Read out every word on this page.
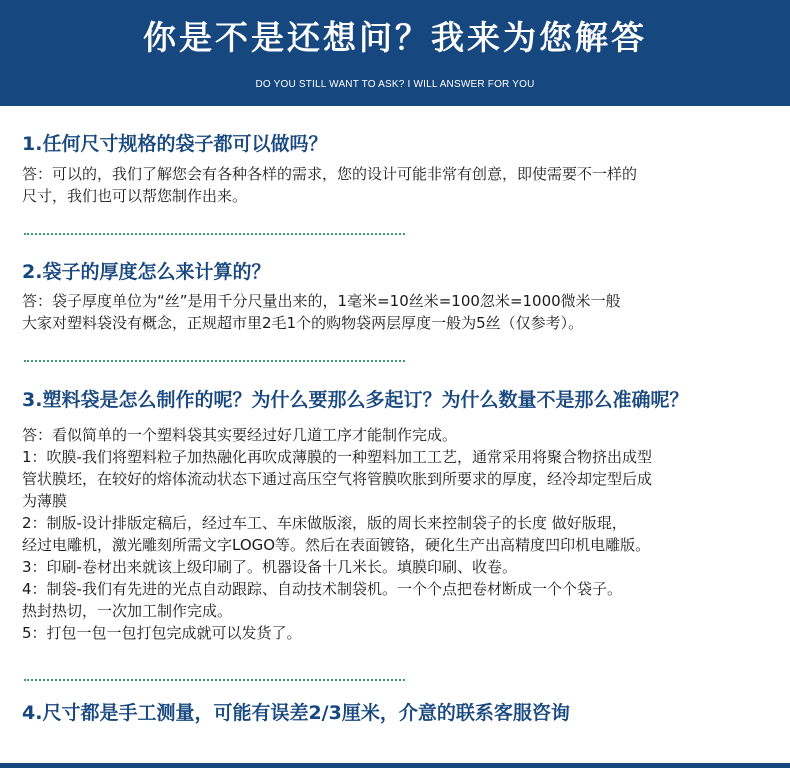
你是不是还想问？我来为您解答
DO YOU STILL WANT TO ASK? I WILL ANSWER FOR YOU
1.任何尺寸规格的袋子都可以做吗？

答：可以的，我们了解您会有各种各样的需求，您的设计可能非常有创意，即使需要不一样的

尺寸，我们也可以帮您制作出来。

2.袋子的厚度怎么来计算的？

答：袋子厚度单位为“丝”是用千分尺量出来的，1毫米=10丝米=100忽米=1000微米一般

大家对塑料袋没有概念，正规超市里2毛1个的购物袋两层厚度一般为5丝（仅参考）。

3.塑料袋是怎么制作的呢？为什么要那么多起订？为什么数量不是那么准确呢？

答：看似简单的一个塑料袋其实要经过好几道工序才能制作完成。

1：吹膜-我们将塑料粒子加热融化再吹成薄膜的一种塑料加工工艺，通常采用将聚合物挤出成型

管状膜坯，在较好的熔体流动状态下通过高压空气将管膜吹胀到所要求的厚度，经冷却定型后成

为薄膜

2：制版-设计排版定稿后，经过车工、车床做版滚，版的周长来控制袋子的长度 做好版琨，

经过电雕机，激光雕刻所需文字LOGO等。然后在表面镀铬，硬化生产出高精度凹印机电雕版。

3：印刷-卷材出来就该上级印刷了。机器设备十几米长。填膜印刷、收卷。

4：制袋-我们有先进的光点自动跟踪、自动技术制袋机。一个个点把卷材断成一个个袋子。

热封热切，一次加工制作完成。

5：打包一包一包打包完成就可以发货了。

4.尺寸都是手工测量，可能有误差2/3厘米，介意的联系客服咨询
